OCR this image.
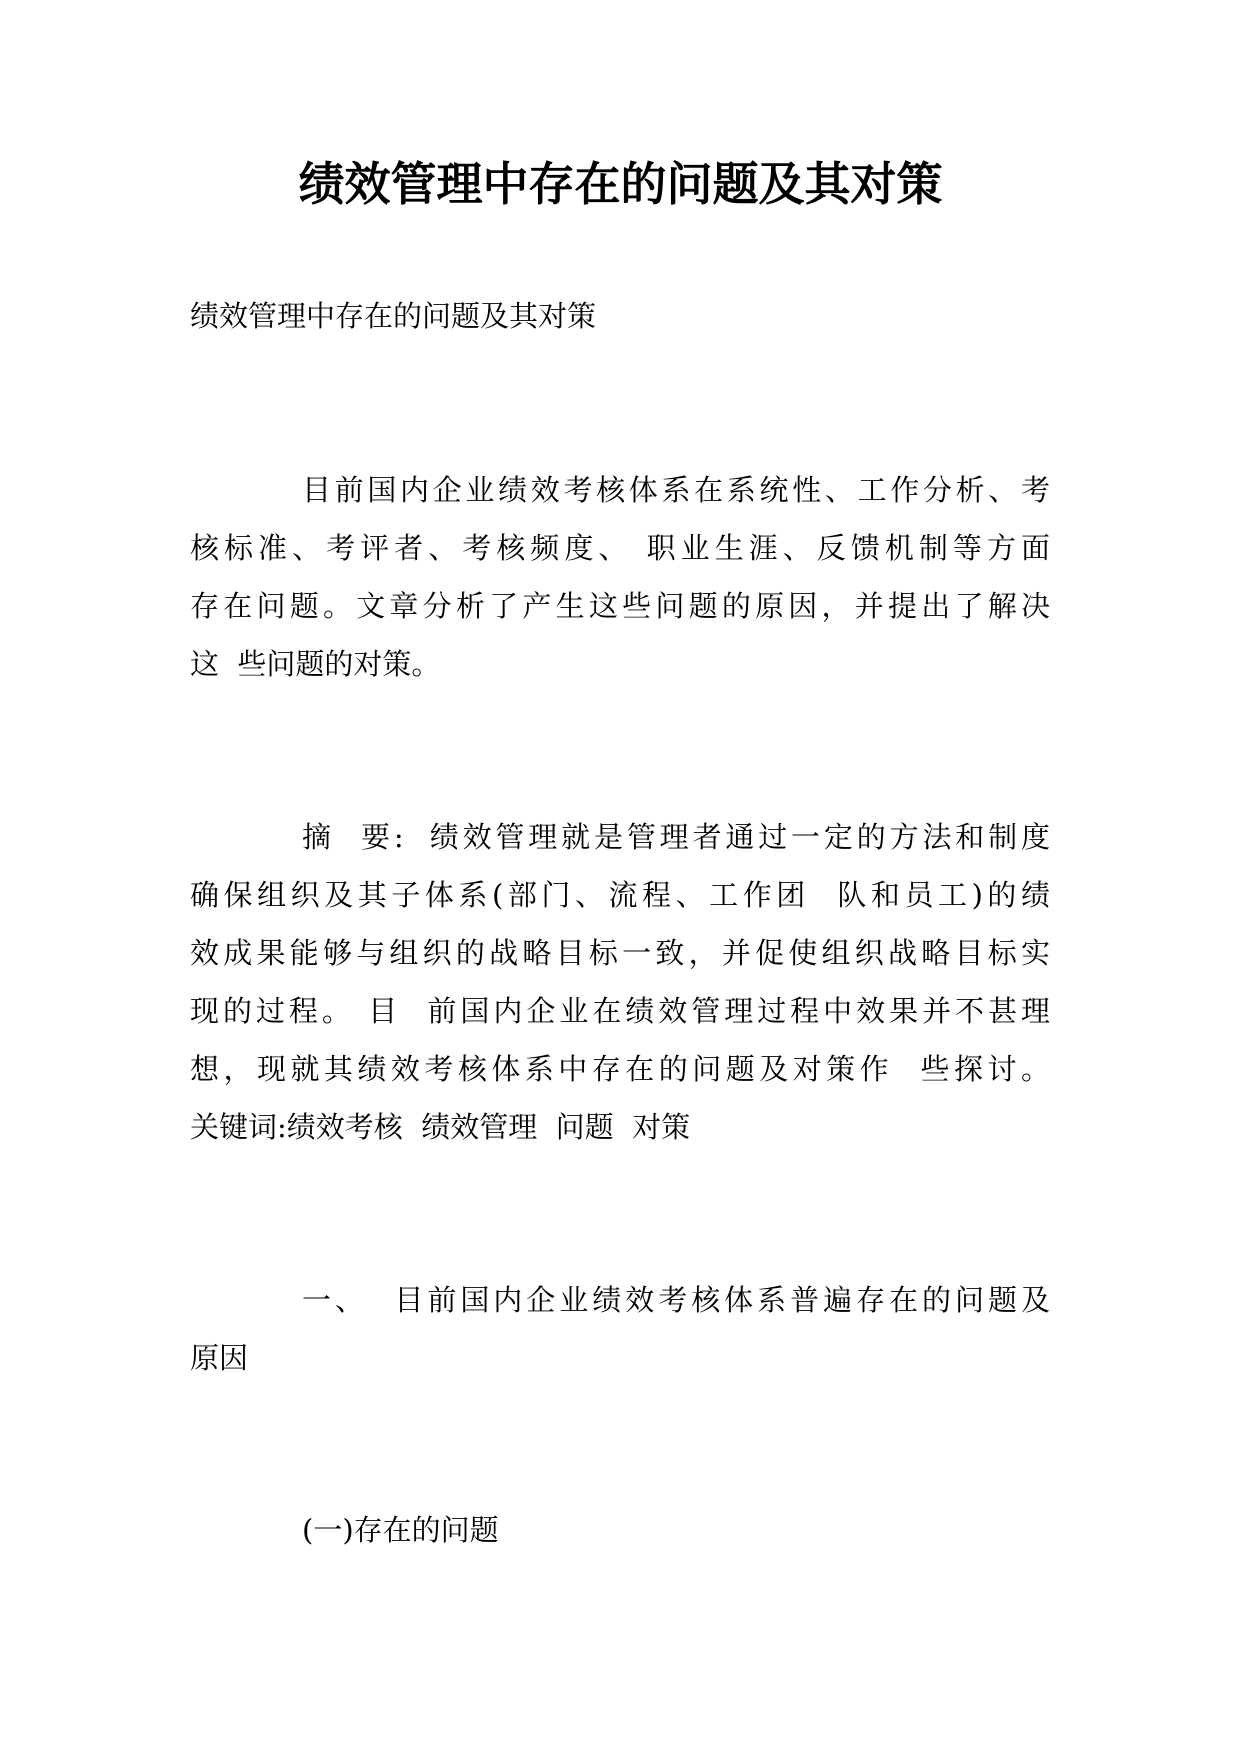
绩效管理中存在的问题及其对策
绩效管理中存在的问题及其对策
目前国内企业绩效考核体系在系统性、工作分析、考
核标准、考评者、考核频度、 职业生涯、反馈机制等方面
存在问题。文章分析了产生这些问题的原因，并提出了解决
这  些问题的对策。
摘  要:  绩效管理就是管理者通过一定的方法和制度
确保组织及其子体系(部门、流程、工作团  队和员工)的绩
效成果能够与组织的战略目标一致，并促使组织战略目标实
现的过程。 目  前国内企业在绩效管理过程中效果并不甚理
想，现就其绩效考核体系中存在的问题及对策作  些探讨。
关键词:绩效考核  绩效管理  问题  对策
一、  目前国内企业绩效考核体系普遍存在的问题及
原因
(一)存在的问题
